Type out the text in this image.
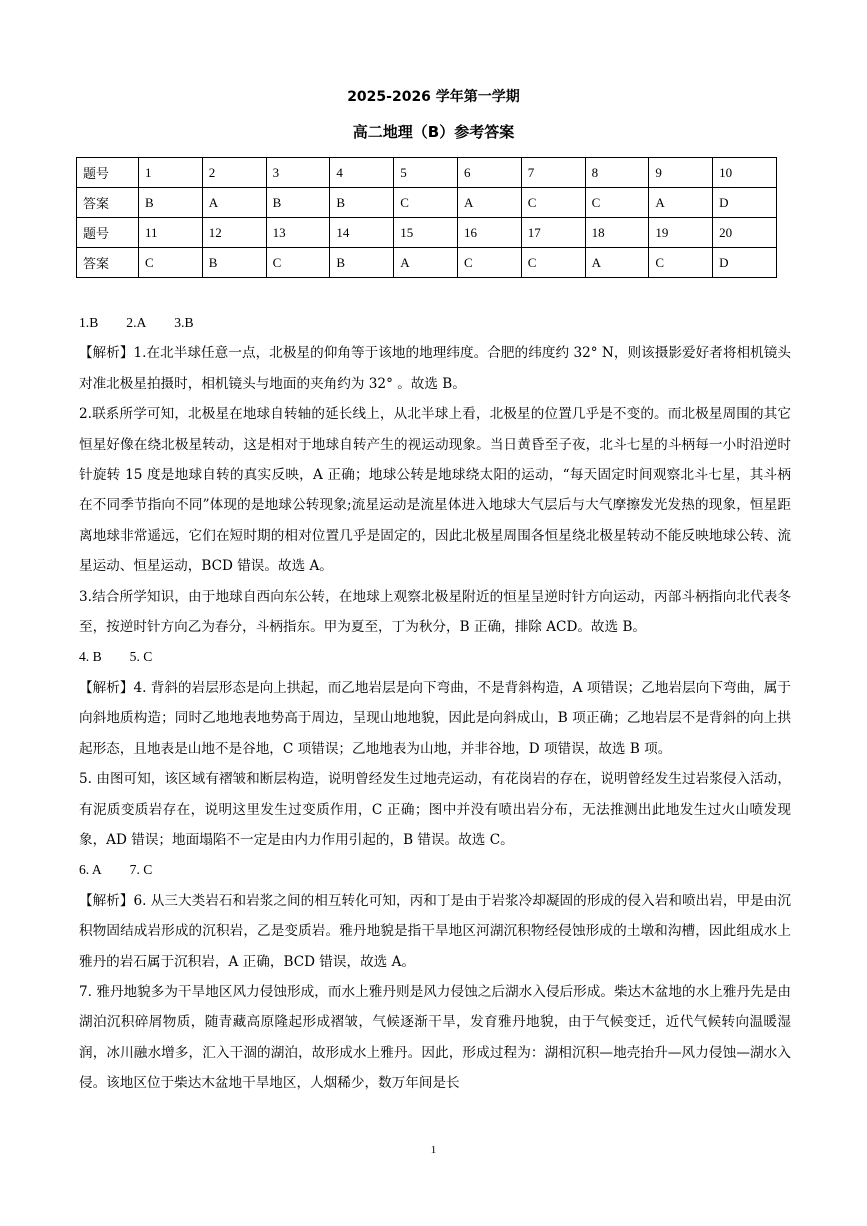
2025-2026 学年第一学期
高二地理（B）参考答案
题号	1	2	3	4	5	6	7	8	9	10
答案	B	A	B	B	C	A	C	C	A	D
题号	11	12	13	14	15	16	17	18	19	20
答案	C	B	C	B	A	C	C	A	C	D

1.B 2.A 3.B

【解析】1.在北半球任意一点，北极星的仰角等于该地的地理纬度。合肥的纬度约 32° N，则该摄影爱好者将相机镜头对准北极星拍摄时，相机镜头与地面的夹角约为 32° 。故选 B。

2.联系所学可知，北极星在地球自转轴的延长线上，从北半球上看，北极星的位置几乎是不变的。而北极星周围的其它恒星好像在绕北极星转动，这是相对于地球自转产生的视运动现象。当日黄昏至子夜，北斗七星的斗柄每一小时沿逆时针旋转 15 度是地球自转的真实反映，A 正确；地球公转是地球绕太阳的运动，“每天固定时间观察北斗七星，其斗柄在不同季节指向不同”体现的是地球公转现象;流星运动是流星体进入地球大气层后与大气摩擦发光发热的现象，恒星距离地球非常遥远，它们在短时期的相对位置几乎是固定的，因此北极星周围各恒星绕北极星转动不能反映地球公转、流星运动、恒星运动，BCD 错误。故选 A。

3.结合所学知识，由于地球自西向东公转，在地球上观察北极星附近的恒星呈逆时针方向运动，丙部斗柄指向北代表冬至，按逆时针方向乙为春分，斗柄指东。甲为夏至，丁为秋分，B 正确，排除 ACD。故选 B。

4. B 5. C

【解析】4. 背斜的岩层形态是向上拱起，而乙地岩层是向下弯曲，不是背斜构造，A 项错误；乙地岩层向下弯曲，属于向斜地质构造；同时乙地地表地势高于周边，呈现山地地貌，因此是向斜成山，B 项正确；乙地岩层不是背斜的向上拱起形态，且地表是山地不是谷地，C 项错误；乙地地表为山地，并非谷地，D 项错误，故选 B 项。

5. 由图可知，该区域有褶皱和断层构造，说明曾经发生过地壳运动，有花岗岩的存在，说明曾经发生过岩浆侵入活动，有泥质变质岩存在，说明这里发生过变质作用，C 正确；图中并没有喷出岩分布，无法推测出此地发生过火山喷发现象，AD 错误；地面塌陷不一定是由内力作用引起的，B 错误。故选 C。

6. A 7. C

【解析】6. 从三大类岩石和岩浆之间的相互转化可知，丙和丁是由于岩浆冷却凝固的形成的侵入岩和喷出岩，甲是由沉积物固结成岩形成的沉积岩，乙是变质岩。雅丹地貌是指干旱地区河湖沉积物经侵蚀形成的土墩和沟槽，因此组成水上雅丹的岩石属于沉积岩，A 正确，BCD 错误，故选 A。

7. 雅丹地貌多为干旱地区风力侵蚀形成，而水上雅丹则是风力侵蚀之后湖水入侵后形成。柴达木盆地的水上雅丹先是由湖泊沉积碎屑物质，随青藏高原隆起形成褶皱，气候逐渐干旱，发育雅丹地貌，由于气候变迁，近代气候转向温暖湿润，冰川融水增多，汇入干涸的湖泊，故形成水上雅丹。因此，形成过程为：湖相沉积—地壳抬升—风力侵蚀—湖水入侵。该地区位于柴达木盆地干旱地区，人烟稀少，数万年间是长

1
